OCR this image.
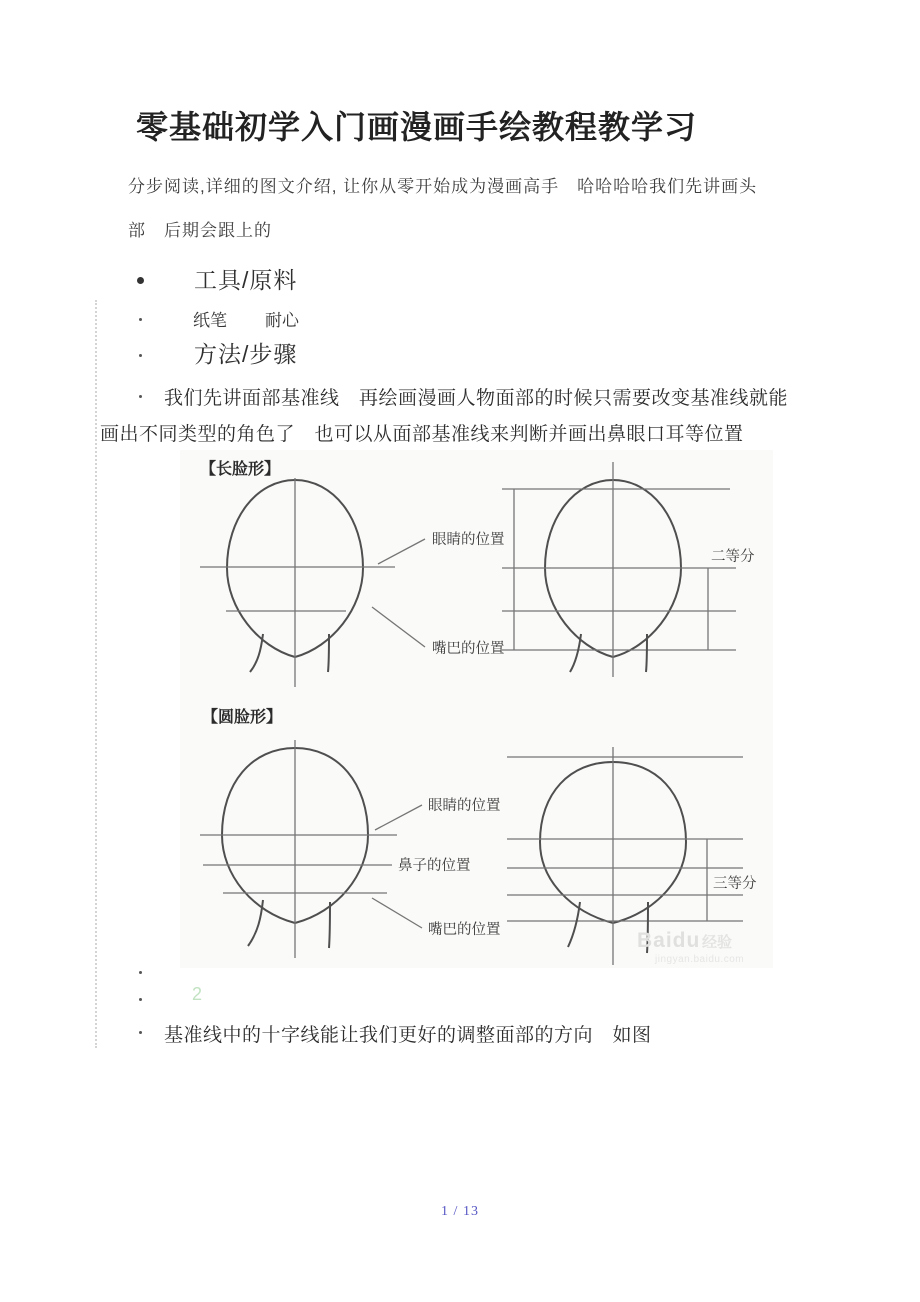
零基础初学入门画漫画手绘教程教学习
分步阅读,详细的图文介绍, 让你从零开始成为漫画高手　哈哈哈哈我们先讲画头
部　后期会跟上的
工具/原料
纸笔 耐心
方法/步骤
我们先讲面部基准线　再绘画漫画人物面部的时候只需要改变基准线就能
画出不同类型的角色了　也可以从面部基准线来判断并画出鼻眼口耳等位置
【长脸形】
眼睛的位置
嘴巴的位置
二等分
【圆脸形】
眼睛的位置
鼻子的位置
嘴巴的位置
三等分
Baidu 经验
jingyan.baidu.com
2
基准线中的十字线能让我们更好的调整面部的方向　如图
1 / 13
